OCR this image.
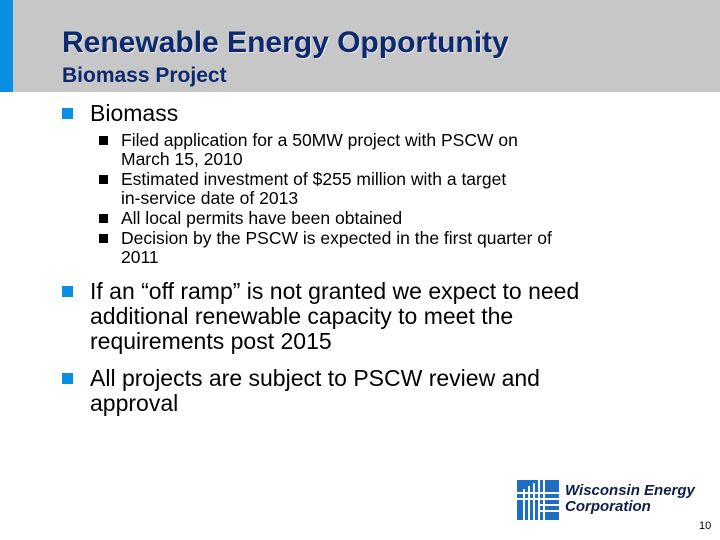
Renewable Energy Opportunity
Biomass Project
Biomass
Filed application for a 50MW project with PSCW on
March 15, 2010
Estimated investment of $255 million with a target
in-service date of 2013
All local permits have been obtained
Decision by the PSCW is expected in the first quarter of
2011
If an “off ramp” is not granted we expect to need
additional renewable capacity to meet the
requirements post 2015
All projects are subject to PSCW review and
approval
Wisconsin Energy
Corporation
10
